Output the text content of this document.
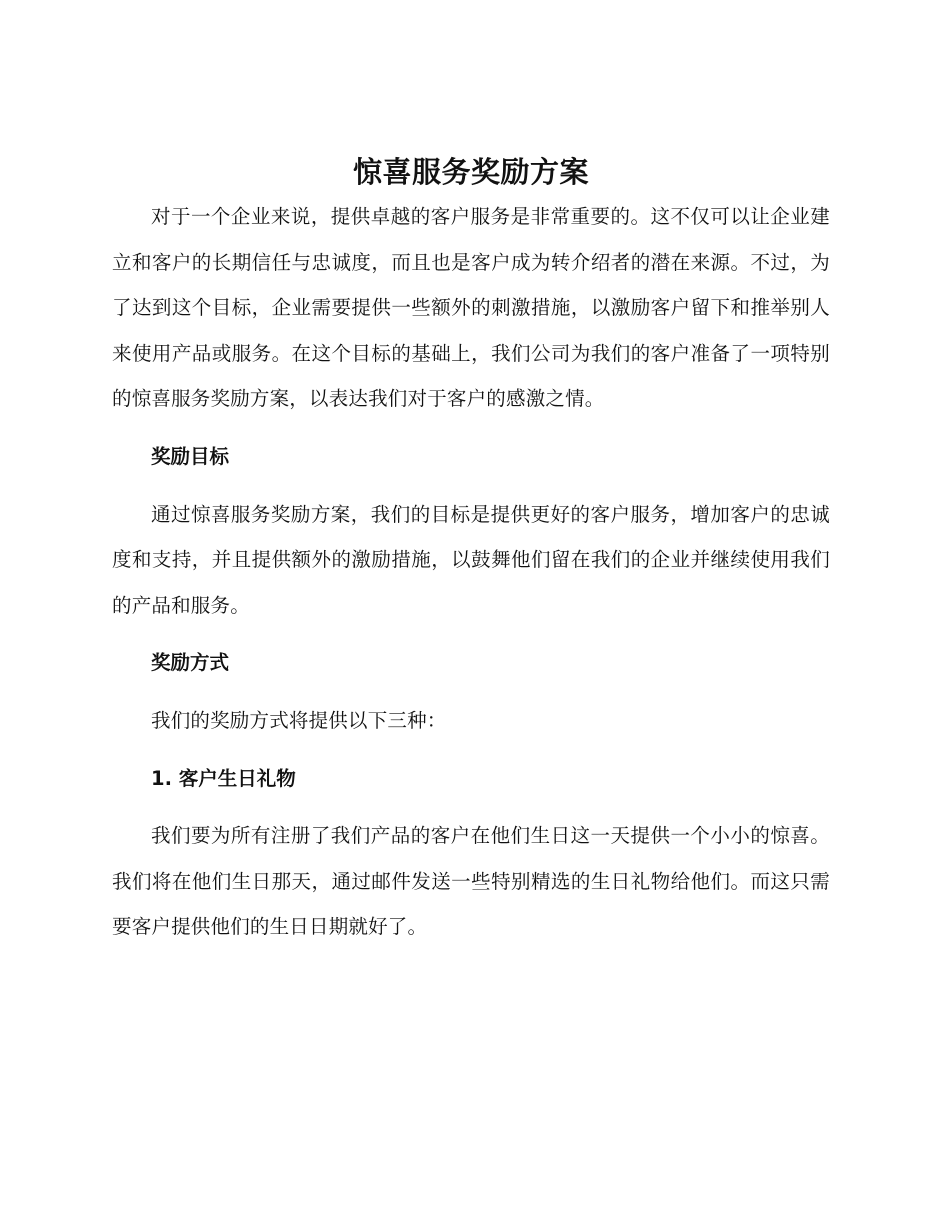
惊喜服务奖励方案

对于一个企业来说，提供卓越的客户服务是非常重要的。这不仅可以让企业建立和客户的长期信任与忠诚度，而且也是客户成为转介绍者的潜在来源。不过，为了达到这个目标，企业需要提供一些额外的刺激措施，以激励客户留下和推举别人来使用产品或服务。在这个目标的基础上，我们公司为我们的客户准备了一项特别的惊喜服务奖励方案，以表达我们对于客户的感激之情。

奖励目标

通过惊喜服务奖励方案，我们的目标是提供更好的客户服务，增加客户的忠诚度和支持，并且提供额外的激励措施，以鼓舞他们留在我们的企业并继续使用我们的产品和服务。

奖励方式

我们的奖励方式将提供以下三种：

1. 客户生日礼物

我们要为所有注册了我们产品的客户在他们生日这一天提供一个小小的惊喜。我们将在他们生日那天，通过邮件发送一些特别精选的生日礼物给他们。而这只需要客户提供他们的生日日期就好了。
